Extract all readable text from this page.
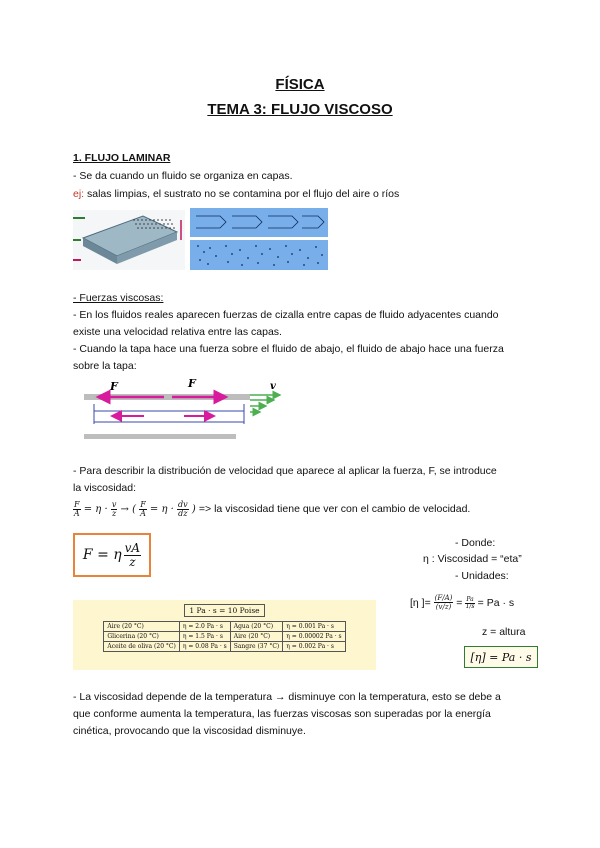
FÍSICA
TEMA 3: FLUJO VISCOSO
1. FLUJO LAMINAR
- Se da cuando un fluido se organiza en capas.
ej: salas limpias, el sustrato no se contamina por el flujo del aire o ríos
- Fuerzas viscosas:
- En los fluidos reales aparecen fuerzas de cizalla entre capas de fluido adyacentes cuando
existe una velocidad relativa entre las capas.
- Cuando la tapa hace una fuerza sobre el fluido de abajo, el fluido de abajo hace una fuerza
sobre la tapa:
F	F	v
- Para describir la distribución de velocidad que aparece al aplicar la fuerza, F, se introduce
la viscosidad:
$\frac{F}{A} = \eta \cdot \frac{v}{z}$ → ( $\frac{F}{A} = \eta \cdot \frac{dv}{dz}$ ) => la viscosidad tiene que ver con el cambio de velocidad.
F = η $\frac{vA}{z}$	- Donde:
η : Viscosidad = “eta”
- Unidades:
[η ]= $\frac{(F/A)}{(v/z)} = \frac{Pa}{1/s} = Pa \cdot s$
z = altura
[η] = Pa · s
1 Pa · s = 10 Poise
Aire (20 °C)	η = 2.0 Pa · s	Agua (20 °C)	η = 0.001 Pa · s
Glicerina (20 °C)	η = 1.5 Pa · s	Aire (20 °C)	η = 0.00002 Pa · s
Aceite de oliva (20 °C)	η = 0.08 Pa · s	Sangre (37 °C)	η = 0.002 Pa · s
- La viscosidad depende de la temperatura → disminuye con la temperatura, esto se debe a
que conforme aumenta la temperatura, las fuerzas viscosas son superadas por la energía
cinética, provocando que la viscosidad disminuye.
